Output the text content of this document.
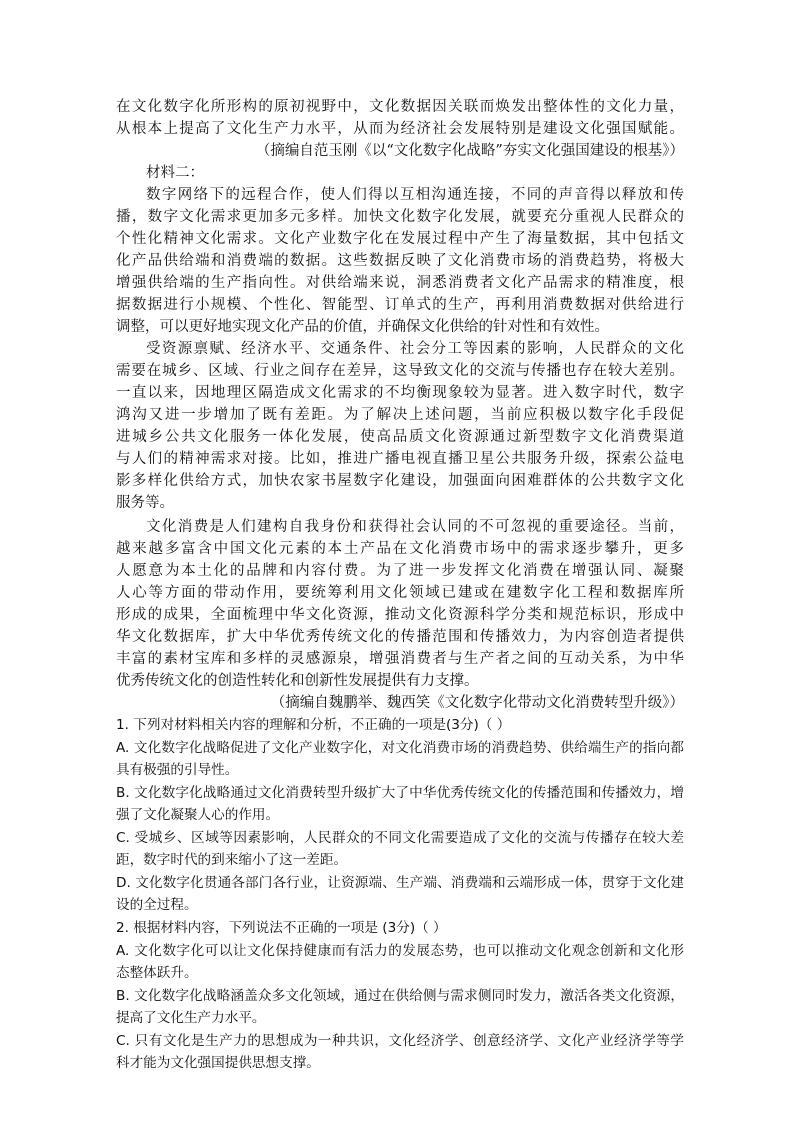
在文化数字化所形构的原初视野中，文化数据因关联而焕发出整体性的文化力量，
从根本上提高了文化生产力水平，从而为经济社会发展特别是建设文化强国赋能。
（摘编自范玉刚《以“文化数字化战略”夯实文化强国建设的根基》）
材料二：
数字网络下的远程合作，使人们得以互相沟通连接，不同的声音得以释放和传
播，数字文化需求更加多元多样。加快文化数字化发展，就要充分重视人民群众的
个性化精神文化需求。文化产业数字化在发展过程中产生了海量数据，其中包括文
化产品供给端和消费端的数据。这些数据反映了文化消费市场的消费趋势，将极大
增强供给端的生产指向性。对供给端来说，洞悉消费者文化产品需求的精准度，根
据数据进行小规模、个性化、智能型、订单式的生产，再利用消费数据对供给进行
调整，可以更好地实现文化产品的价值，并确保文化供给的针对性和有效性。
受资源禀赋、经济水平、交通条件、社会分工等因素的影响，人民群众的文化
需要在城乡、区域、行业之间存在差异，这导致文化的交流与传播也存在较大差别。
一直以来，因地理区隔造成文化需求的不均衡现象较为显著。进入数字时代，数字
鸿沟又进一步增加了既有差距。为了解决上述问题，当前应积极以数字化手段促
进城乡公共文化服务一体化发展，使高品质文化资源通过新型数字文化消费渠道
与人们的精神需求对接。比如，推进广播电视直播卫星公共服务升级，探索公益电
影多样化供给方式，加快农家书屋数字化建设，加强面向困难群体的公共数字文化
服务等。
文化消费是人们建构自我身份和获得社会认同的不可忽视的重要途径。当前，
越来越多富含中国文化元素的本土产品在文化消费市场中的需求逐步攀升，更多
人愿意为本土化的品牌和内容付费。为了进一步发挥文化消费在增强认同、凝聚
人心等方面的带动作用，要统筹利用文化领域已建或在建数字化工程和数据库所
形成的成果，全面梳理中华文化资源，推动文化资源科学分类和规范标识，形成中
华文化数据库，扩大中华优秀传统文化的传播范围和传播效力，为内容创造者提供
丰富的素材宝库和多样的灵感源泉，增强消费者与生产者之间的互动关系，为中华
优秀传统文化的创造性转化和创新性发展提供有力支撑。
（摘编自魏鹏举、魏西笑《文化数字化带动文化消费转型升级》）
1. 下列对材料相关内容的理解和分析，不正确的一项是(3分)（ ）
A. 文化数字化战略促进了文化产业数字化，对文化消费市场的消费趋势、供给端生产的指向都
具有极强的引导性。
B. 文化数字化战略通过文化消费转型升级扩大了中华优秀传统文化的传播范围和传播效力，增
强了文化凝聚人心的作用。
C. 受城乡、区域等因素影响，人民群众的不同文化需要造成了文化的交流与传播存在较大差
距，数字时代的到来缩小了这一差距。
D. 文化数字化贯通各部门各行业，让资源端、生产端、消费端和云端形成一体，贯穿于文化建
设的全过程。
2. 根据材料内容，下列说法不正确的一项是 (3分)（ ）
A. 文化数字化可以让文化保持健康而有活力的发展态势，也可以推动文化观念创新和文化形
态整体跃升。
B. 文化数字化战略涵盖众多文化领域，通过在供给侧与需求侧同时发力，激活各类文化资源，
提高了文化生产力水平。
C. 只有文化是生产力的思想成为一种共识，文化经济学、创意经济学、文化产业经济学等学
科才能为文化强国提供思想支撑。
